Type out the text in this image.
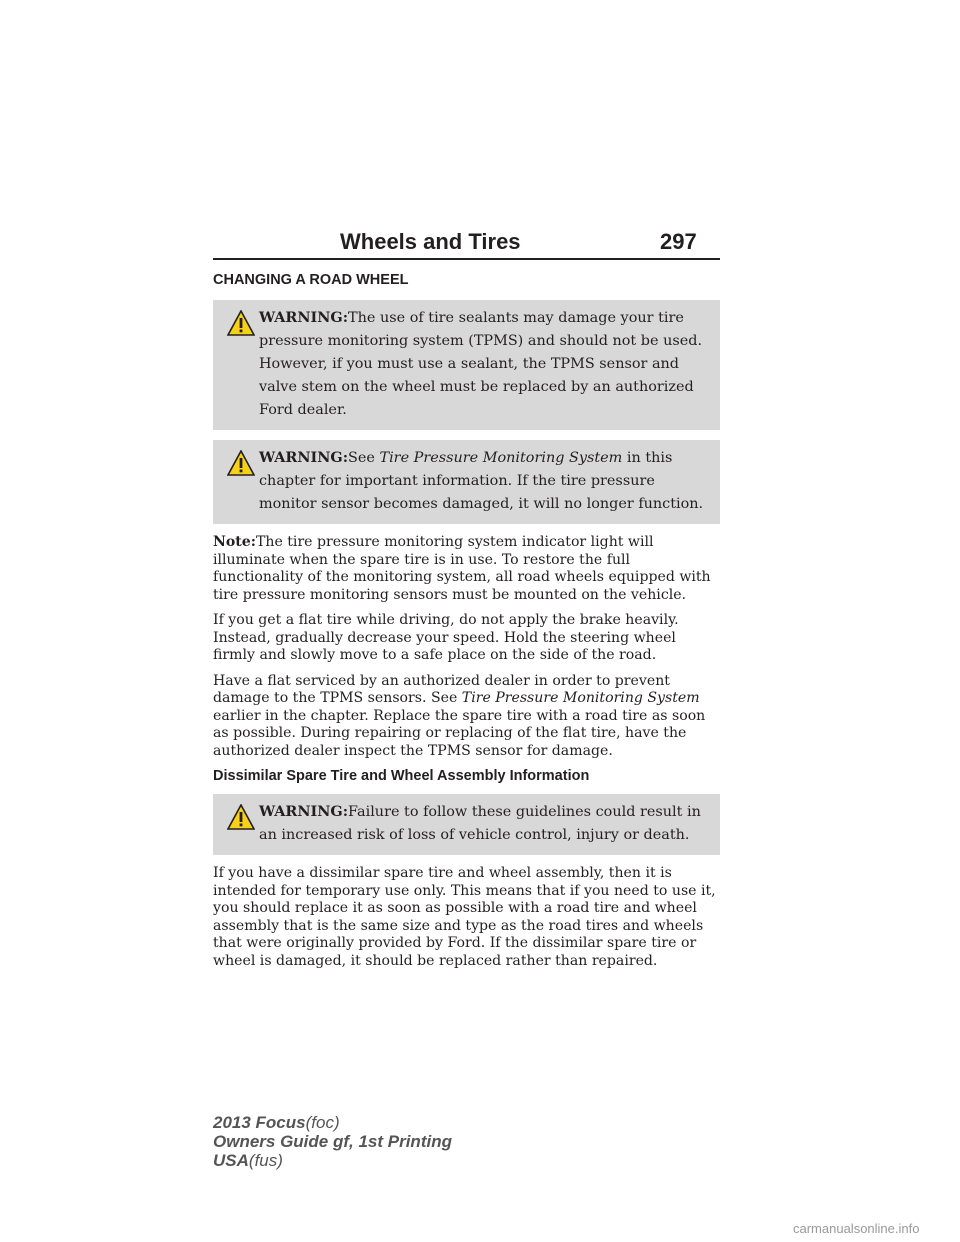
Wheels and Tires	297
CHANGING A ROAD WHEEL
WARNING:The use of tire sealants may damage your tire pressure monitoring system (TPMS) and should not be used. However, if you must use a sealant, the TPMS sensor and valve stem on the wheel must be replaced by an authorized Ford dealer.
WARNING:See Tire Pressure Monitoring System in this chapter for important information. If the tire pressure monitor sensor becomes damaged, it will no longer function.

Note:The tire pressure monitoring system indicator light will illuminate when the spare tire is in use. To restore the full functionality of the monitoring system, all road wheels equipped with tire pressure monitoring sensors must be mounted on the vehicle.

If you get a flat tire while driving, do not apply the brake heavily. Instead, gradually decrease your speed. Hold the steering wheel firmly and slowly move to a safe place on the side of the road.

Have a flat serviced by an authorized dealer in order to prevent damage to the TPMS sensors. See Tire Pressure Monitoring System earlier in the chapter. Replace the spare tire with a road tire as soon as possible. During repairing or replacing of the flat tire, have the authorized dealer inspect the TPMS sensor for damage.

Dissimilar Spare Tire and Wheel Assembly Information
WARNING:Failure to follow these guidelines could result in an increased risk of loss of vehicle control, injury or death.

If you have a dissimilar spare tire and wheel assembly, then it is intended for temporary use only. This means that if you need to use it, you should replace it as soon as possible with a road tire and wheel assembly that is the same size and type as the road tires and wheels that were originally provided by Ford. If the dissimilar spare tire or wheel is damaged, it should be replaced rather than repaired.

2013 Focus(foc)
Owners Guide gf, 1st Printing
USA(fus)
carmanualsonline.info
